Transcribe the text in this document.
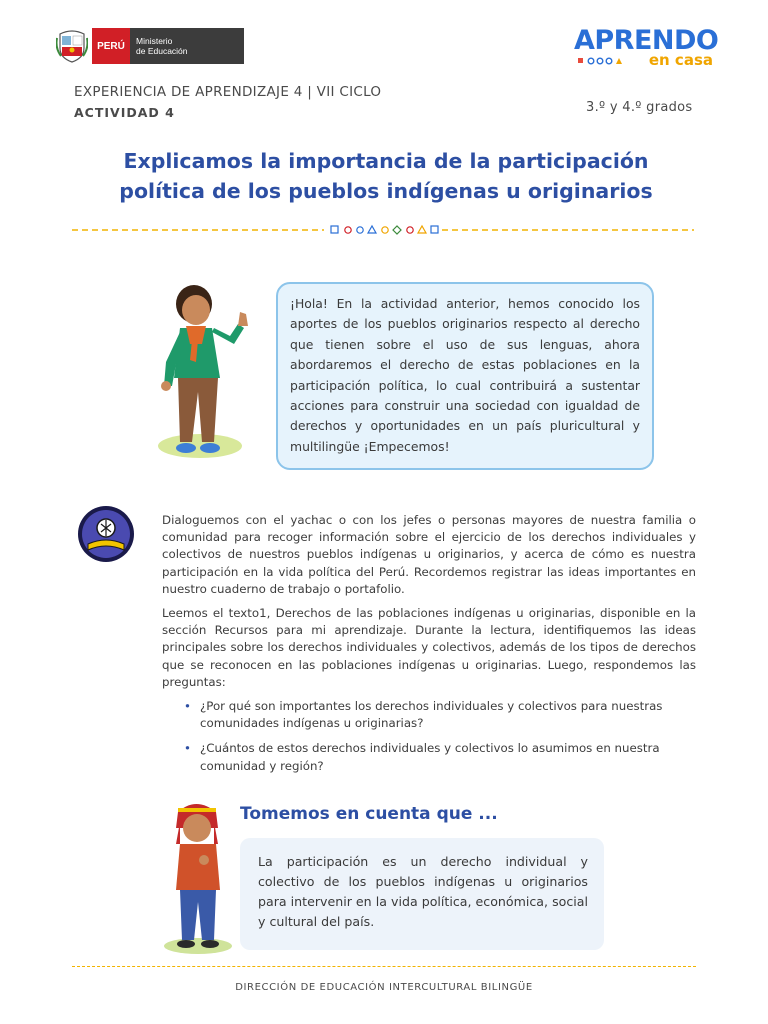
PERÚ	Ministerio
de Educación	APRENDO
en casa
EXPERIENCIA DE APRENDIZAJE 4 | VII CICLO
ACTIVIDAD 4	3.º y 4.º grados
Explicamos la importancia de la participación
política de los pueblos indígenas u originarios
¡Hola! En la actividad anterior, hemos conocido los aportes de los pueblos originarios respecto al derecho que tienen sobre el uso de sus lenguas, ahora abordaremos el derecho de estas poblaciones en la participación política, lo cual contribuirá a sustentar acciones para construir una sociedad con igualdad de derechos y oportunidades en un país pluricultural y multilingüe ¡Empecemos!

Dialoguemos con el yachac o con los jefes o personas mayores de nuestra familia o comunidad para recoger información sobre el ejercicio de los derechos individuales y colectivos de nuestros pueblos indígenas u originarios, y acerca de cómo es nuestra participación en la vida política del Perú. Recordemos registrar las ideas importantes en nuestro cuaderno de trabajo o portafolio.

Leemos el texto1, Derechos de las poblaciones indígenas u originarias, disponible en la sección Recursos para mi aprendizaje. Durante la lectura, identifiquemos las ideas principales sobre los derechos individuales y colectivos, además de los tipos de derechos que se reconocen en las poblaciones indígenas u originarias. Luego, respondemos las preguntas:

• ¿Por qué son importantes los derechos individuales y colectivos para nuestras comunidades indígenas u originarias?
• ¿Cuántos de estos derechos individuales y colectivos lo asumimos en nuestra comunidad y región?
Tomemos en cuenta que ...
La participación es un derecho individual y colectivo de los pueblos indígenas u originarios para intervenir en la vida política, económica, social y cultural del país.
DIRECCIÓN DE EDUCACIÓN INTERCULTURAL BILINGÜE
